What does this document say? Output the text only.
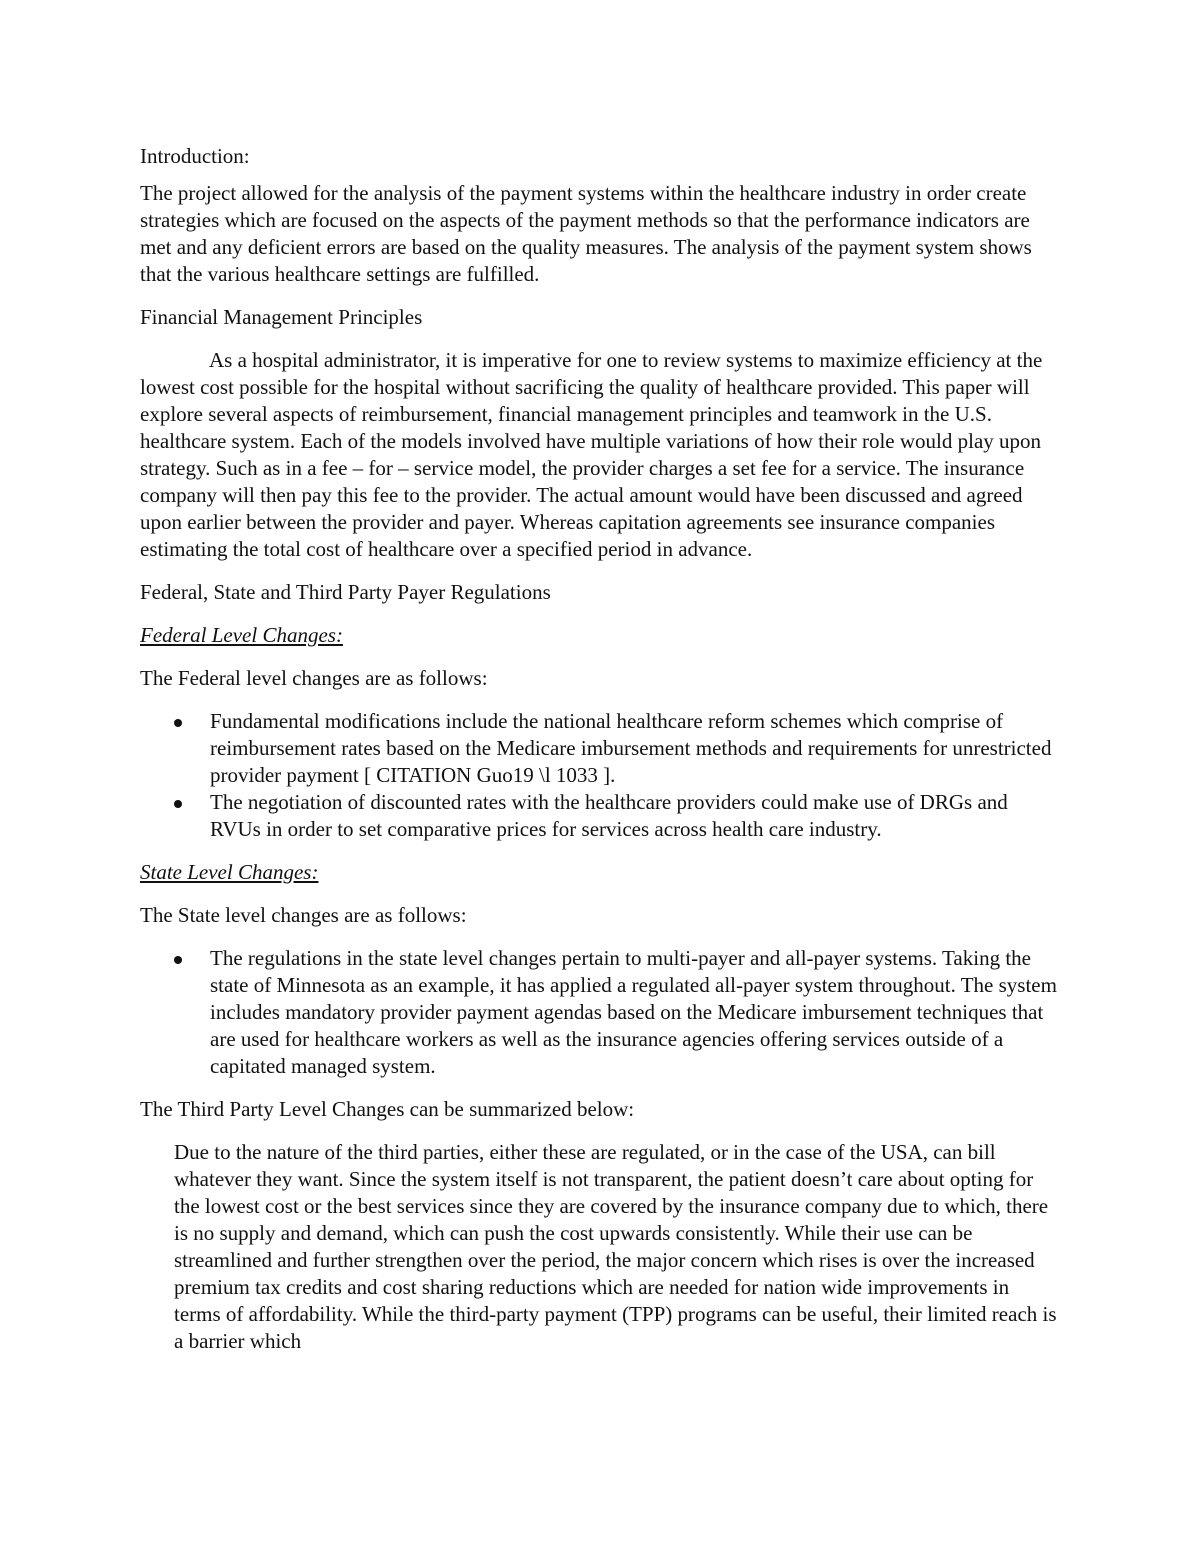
Introduction:

The project allowed for the analysis of the payment systems within the healthcare industry in order create strategies which are focused on the aspects of the payment methods so that the performance indicators are met and any deficient errors are based on the quality measures. The analysis of the payment system shows that the various healthcare settings are fulfilled.

Financial Management Principles

As a hospital administrator, it is imperative for one to review systems to maximize efficiency at the lowest cost possible for the hospital without sacrificing the quality of healthcare provided. This paper will explore several aspects of reimbursement, financial management principles and teamwork in the U.S. healthcare system. Each of the models involved have multiple variations of how their role would play upon strategy. Such as in a fee – for – service model, the provider charges a set fee for a service. The insurance company will then pay this fee to the provider. The actual amount would have been discussed and agreed upon earlier between the provider and payer. Whereas capitation agreements see insurance companies estimating the total cost of healthcare over a specified period in advance.

Federal, State and Third Party Payer Regulations

Federal Level Changes:

The Federal level changes are as follows:

Fundamental modifications include the national healthcare reform schemes which comprise of reimbursement rates based on the Medicare imbursement methods and requirements for unrestricted provider payment [ CITATION Guo19 \l 1033 ].
The negotiation of discounted rates with the healthcare providers could make use of DRGs and RVUs in order to set comparative prices for services across health care industry.

State Level Changes:

The State level changes are as follows:

The regulations in the state level changes pertain to multi-payer and all-payer systems. Taking the state of Minnesota as an example, it has applied a regulated all-payer system throughout. The system includes mandatory provider payment agendas based on the Medicare imbursement techniques that are used for healthcare workers as well as the insurance agencies offering services outside of a capitated managed system.

The Third Party Level Changes can be summarized below:

Due to the nature of the third parties, either these are regulated, or in the case of the USA, can bill whatever they want. Since the system itself is not transparent, the patient doesn’t care about opting for the lowest cost or the best services since they are covered by the insurance company due to which, there is no supply and demand, which can push the cost upwards consistently. While their use can be streamlined and further strengthen over the period, the major concern which rises is over the increased premium tax credits and cost sharing reductions which are needed for nation wide improvements in terms of affordability. While the third-party payment (TPP) programs can be useful, their limited reach is a barrier which
